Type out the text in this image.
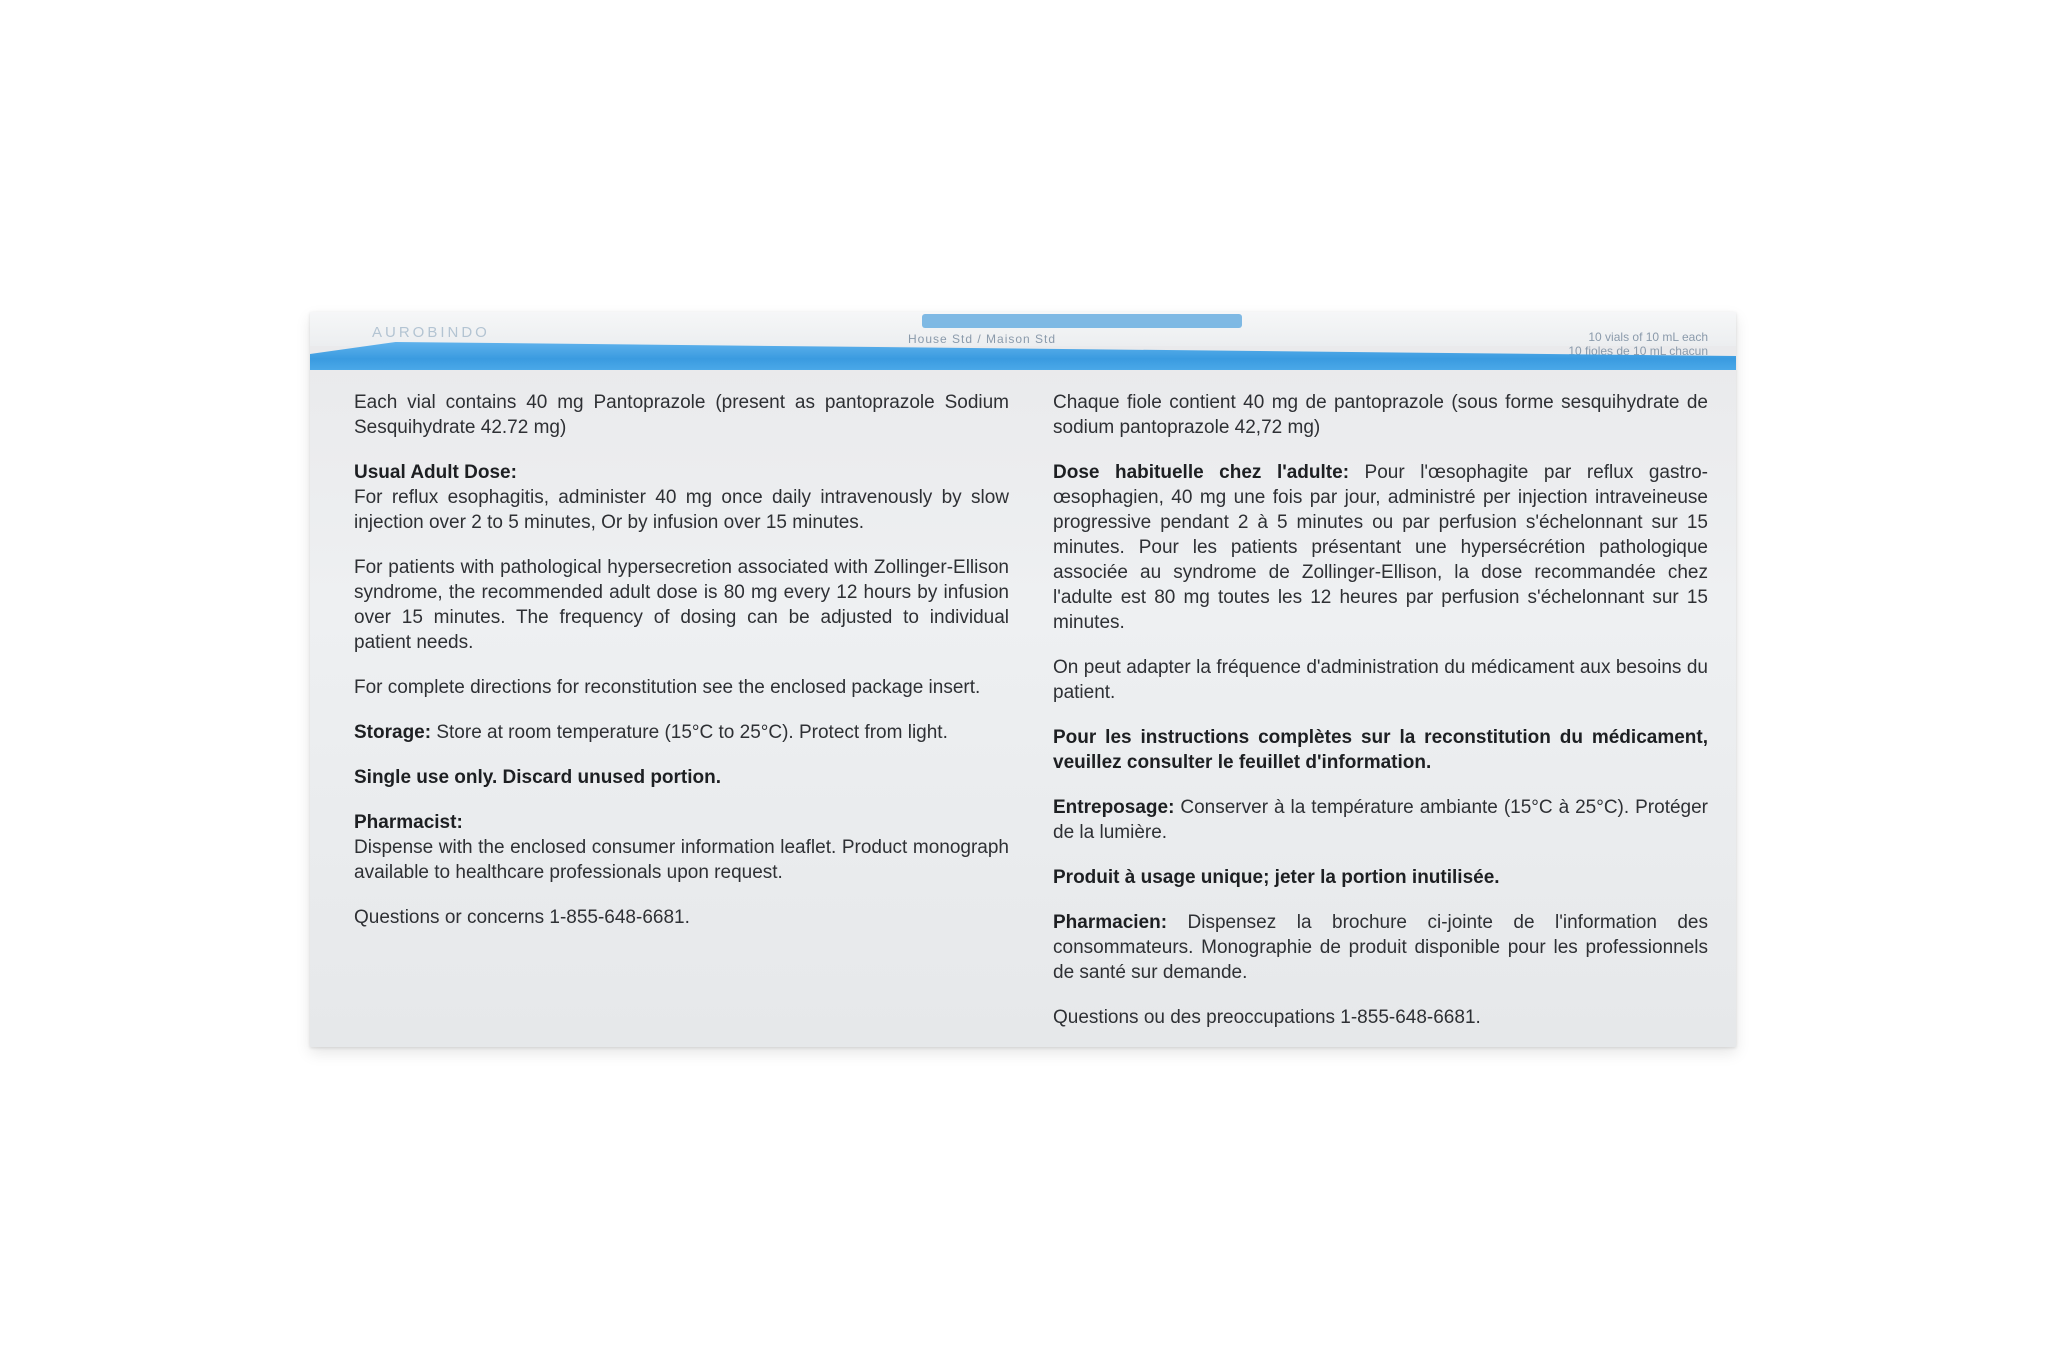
AUROBINDO	House Std / Maison Std	10 vials of 10 mL each
10 fioles de 10 mL chacun

Each vial contains 40 mg Pantoprazole (present as pantoprazole Sodium Sesquihydrate 42.72 mg)

Usual Adult Dose:
For reflux esophagitis, administer 40 mg once daily intravenously by slow injection over 2 to 5 minutes, Or by infusion over 15 minutes.

For patients with pathological hypersecretion associated with Zollinger-Ellison syndrome, the recommended adult dose is 80 mg every 12 hours by infusion over 15 minutes. The frequency of dosing can be adjusted to individual patient needs.

For complete directions for reconstitution see the enclosed package insert.

Storage: Store at room temperature (15°C to 25°C). Protect from light.

Single use only. Discard unused portion.

Pharmacist:
Dispense with the enclosed consumer information leaflet. Product monograph available to healthcare professionals upon request.

Questions or concerns 1-855-648-6681.

Chaque fiole contient 40 mg de pantoprazole (sous forme sesquihydrate de sodium pantoprazole 42,72 mg)

Dose habituelle chez l'adulte: Pour l'œsophagite par reflux gastro-œsophagien, 40 mg une fois par jour, administré per injection intraveineuse progressive pendant 2 à 5 minutes ou par perfusion s'échelonnant sur 15 minutes. Pour les patients présentant une hypersécrétion pathologique associée au syndrome de Zollinger-Ellison, la dose recommandée chez l'adulte est 80 mg toutes les 12 heures par perfusion s'échelonnant sur 15 minutes.

On peut adapter la fréquence d'administration du médicament aux besoins du patient.

Pour les instructions complètes sur la reconstitution du médicament, veuillez consulter le feuillet d'information.

Entreposage: Conserver à la température ambiante (15°C à 25°C). Protéger de la lumière.

Produit à usage unique; jeter la portion inutilisée.

Pharmacien: Dispensez la brochure ci-jointe de l'information des consommateurs. Monographie de produit disponible pour les professionnels de santé sur demande.

Questions ou des preoccupations 1-855-648-6681.
